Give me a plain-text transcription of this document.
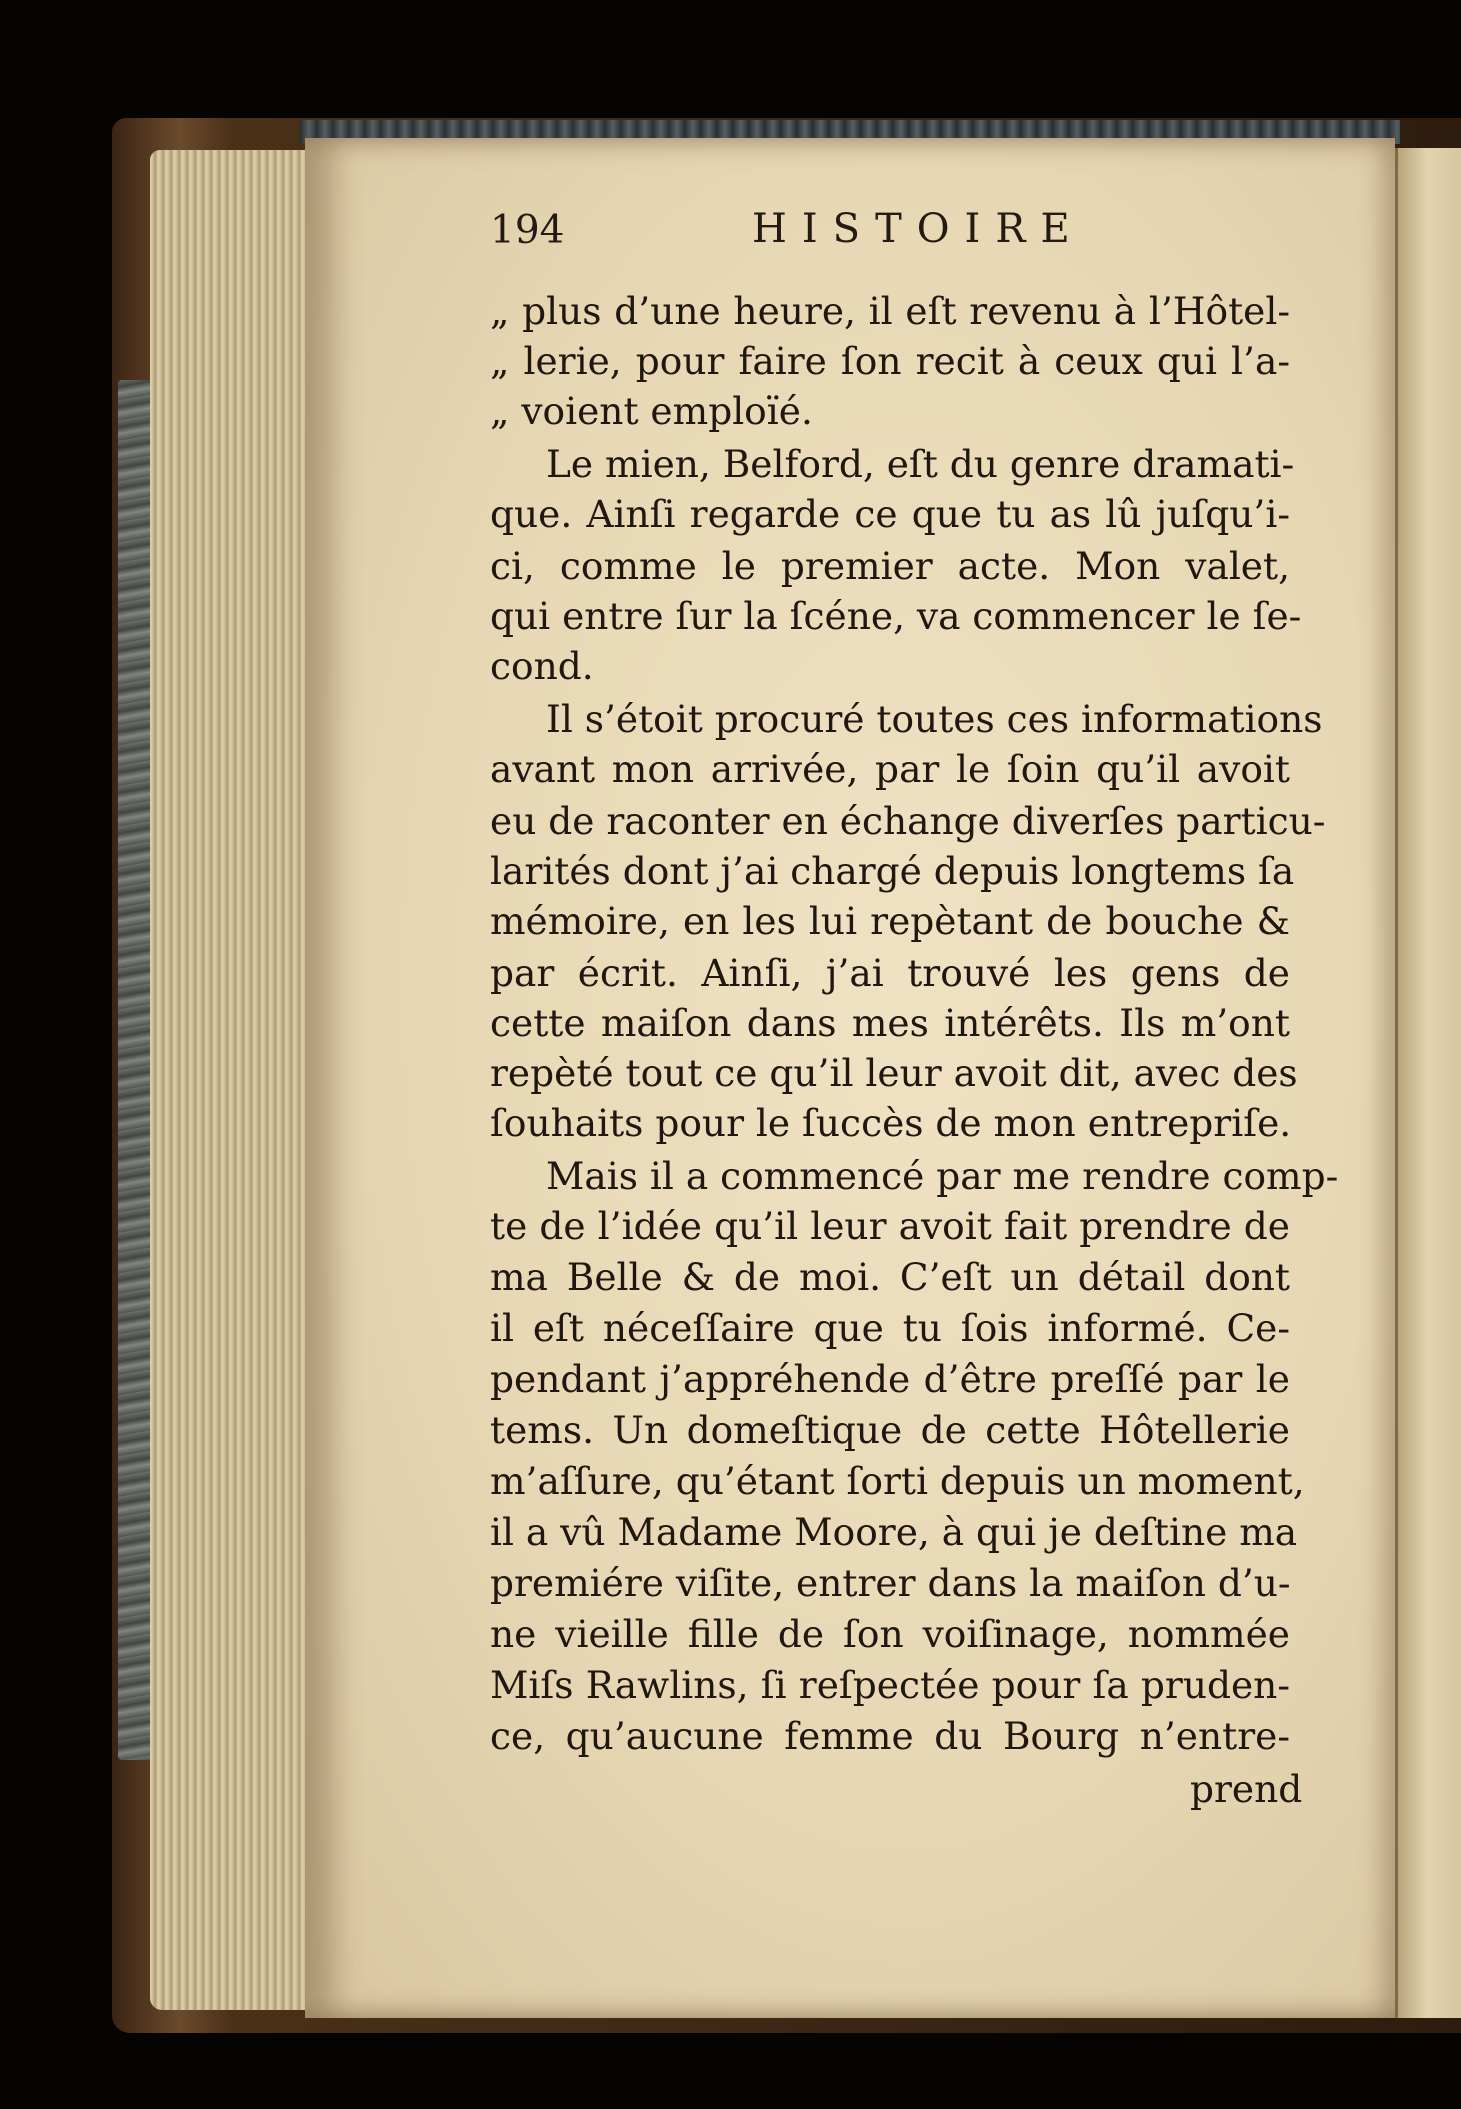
194	HISTOIRE
„ plus d’une heure, il eſt revenu à l’Hôtel-
„ lerie, pour faire ſon recit à ceux qui l’a-
„ voient emploïé.
Le mien, Belford, eſt du genre dramati-
que. Ainſi regarde ce que tu as lû juſqu’i-
ci, comme le premier acte. Mon valet,
qui entre ſur la ſcéne, va commencer le ſe-
cond.
Il s’étoit procuré toutes ces informations
avant mon arrivée, par le ſoin qu’il avoit
eu de raconter en échange diverſes particu-
larités dont j’ai chargé depuis longtems ſa
mémoire, en les lui repètant de bouche &
par écrit. Ainſi, j’ai trouvé les gens de
cette maiſon dans mes intérêts. Ils m’ont
repèté tout ce qu’il leur avoit dit, avec des
ſouhaits pour le ſuccès de mon entrepriſe.
Mais il a commencé par me rendre comp-
te de l’idée qu’il leur avoit fait prendre de
ma Belle & de moi. C’eſt un détail dont
il eſt néceſſaire que tu ſois informé. Ce-
pendant j’appréhende d’être preſſé par le
tems. Un domeſtique de cette Hôtellerie
m’aſſure, qu’étant ſorti depuis un moment,
il a vû Madame Moore, à qui je deſtine ma
premiére viſite, entrer dans la maiſon d’u-
ne vieille fille de ſon voiſinage, nommée
Miſs Rawlins, ſi reſpectée pour ſa pruden-
ce, qu’aucune femme du Bourg n’entre-
prend
